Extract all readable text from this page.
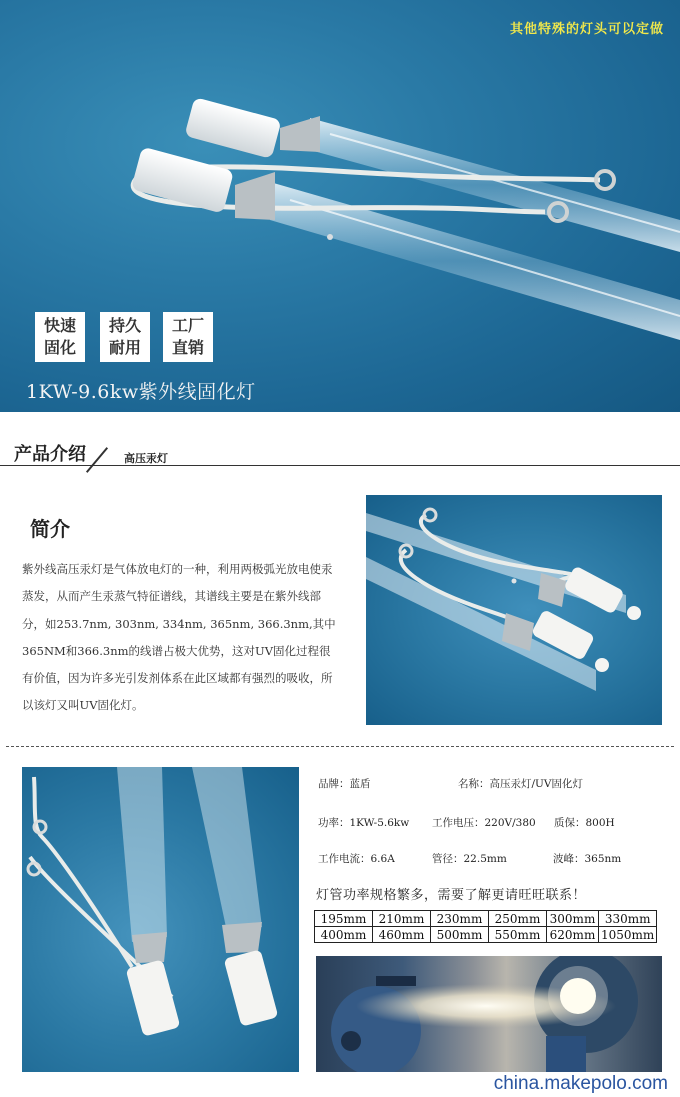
其他特殊的灯头可以定做
快速
固化
持久
耐用
工厂
直销
1KW-9.6kw紫外线固化灯
产品介绍	高压汞灯
简介
紫外线高压汞灯是气体放电灯的一种，利用两极弧光放电使汞蒸发，从而产生汞蒸气特征谱线，其谱线主要是在紫外线部分，如253.7nm, 303nm, 334nm, 365nm, 366.3nm,其中365NM和366.3nm的线谱占极大优势，这对UV固化过程很有价值，因为许多光引发剂体系在此区域都有强烈的吸收，所以该灯又叫UV固化灯。
品牌：蓝盾	名称：高压汞灯/UV固化灯
功率：1KW-5.6kw 工作电压：220V/380 质保：800H
工作电流：6.6A	管径：22.5mm	波峰：365nm
灯管功率规格繁多，需要了解更请旺旺联系！
195mm	210mm	230mm	250mm	300mm	330mm
400mm	460mm	500mm	550mm	620mm	1050mm
china.makepolo.com
